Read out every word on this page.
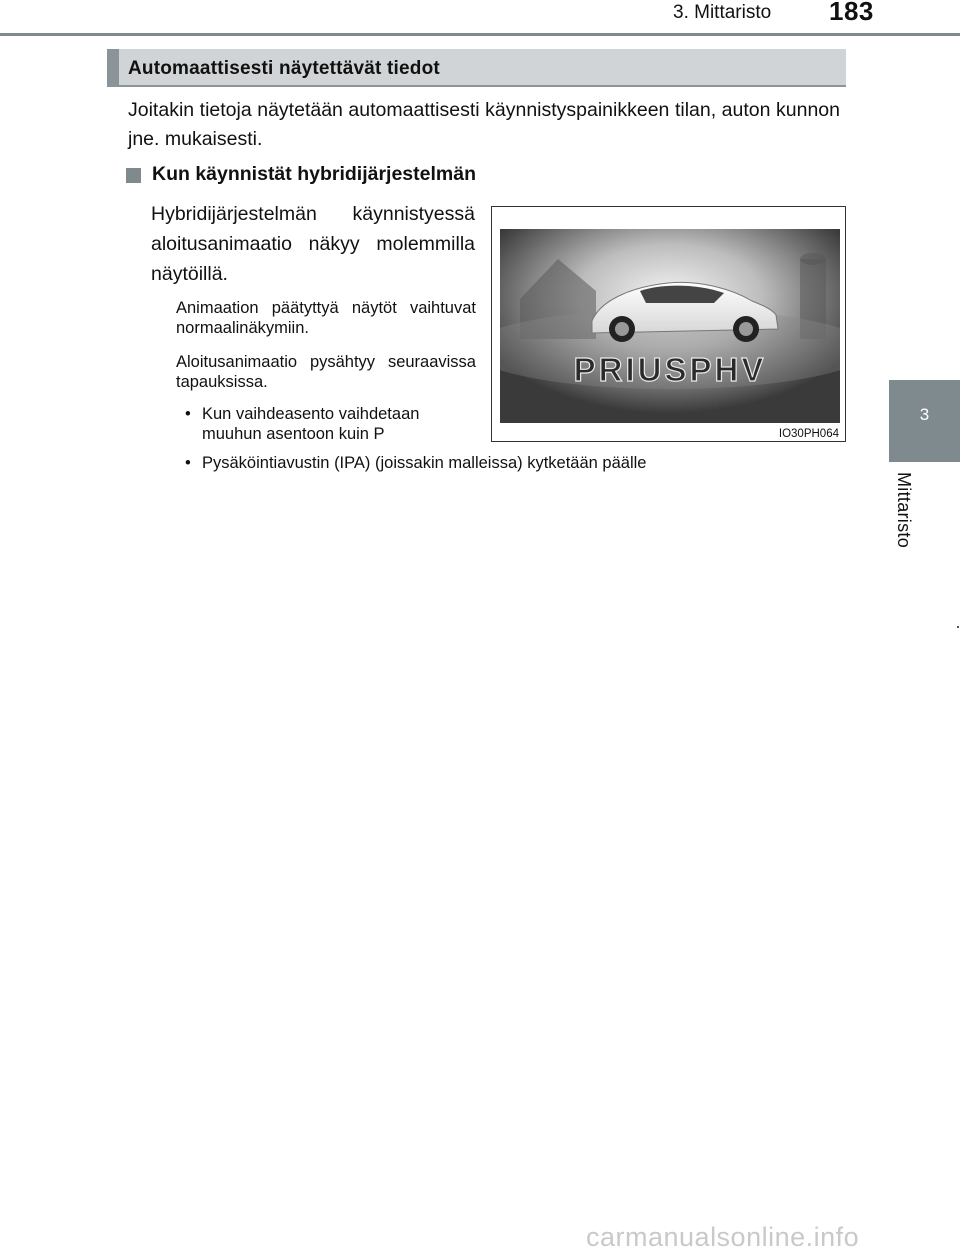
3. Mittaristo 183
3
Mittaristo
Automaattisesti näytettävät tiedot
Joitakin tietoja näytetään automaattisesti käynnistyspainikkeen tilan, auton kunnon jne. mukaisesti.
Kun käynnistät hybridijärjestelmän
Hybridijärjestelmän käynnistyessä aloitusanimaatio näkyy molemmilla näytöillä.
Animaation päätyttyä näytöt vaihtuvat normaalinäkymiin.
Aloitusanimaatio pysähtyy seuraavissa tapauksissa.
• Kun vaihdeasento vaihdetaan
muuhun asentoon kuin P
• Pysäköintiavustin (IPA) (joissakin malleissa) kytketään päälle
PRIUSPHV
IO30PH064
carmanualsonline.info
